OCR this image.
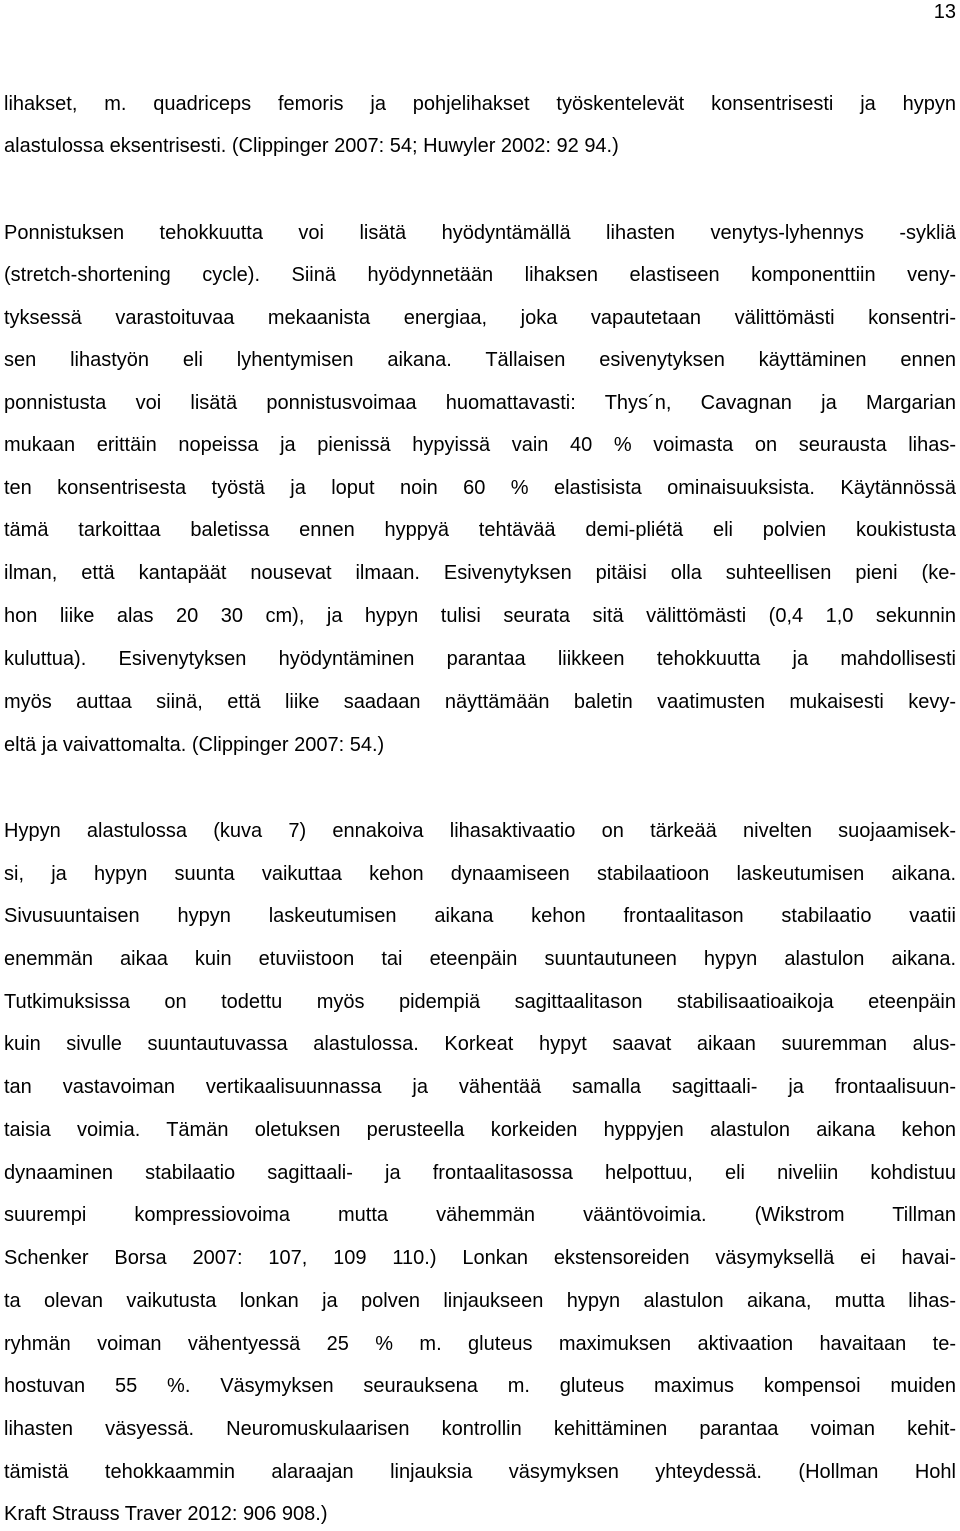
13
lihakset, m. quadriceps femoris ja pohjelihakset työskentelevät konsentrisesti ja hypyn
alastulossa eksentrisesti. (Clippinger 2007: 54; Huwyler 2002: 92 94.)
Ponnistuksen tehokkuutta voi lisätä hyödyntämällä lihasten venytys-lyhennys -sykliä
(stretch-shortening cycle). Siinä hyödynnetään lihaksen elastiseen komponenttiin veny-
tyksessä varastoituvaa mekaanista energiaa, joka vapautetaan välittömästi konsentri-
sen lihastyön eli lyhentymisen aikana. Tällaisen esivenytyksen käyttäminen ennen
ponnistusta voi lisätä ponnistusvoimaa huomattavasti: Thys´n, Cavagnan ja Margarian
mukaan erittäin nopeissa ja pienissä hypyissä vain 40 % voimasta on seurausta lihas-
ten konsentrisesta työstä ja loput noin 60 % elastisista ominaisuuksista. Käytännössä
tämä tarkoittaa baletissa ennen hyppyä tehtävää demi-pliétä eli polvien koukistusta
ilman, että kantapäät nousevat ilmaan. Esivenytyksen pitäisi olla suhteellisen pieni (ke-
hon liike alas 20 30 cm), ja hypyn tulisi seurata sitä välittömästi (0,4 1,0 sekunnin
kuluttua). Esivenytyksen hyödyntäminen parantaa liikkeen tehokkuutta ja mahdollisesti
myös auttaa siinä, että liike saadaan näyttämään baletin vaatimusten mukaisesti kevy-
eltä ja vaivattomalta. (Clippinger 2007: 54.)
Hypyn alastulossa (kuva 7) ennakoiva lihasaktivaatio on tärkeää nivelten suojaamisek-
si, ja hypyn suunta vaikuttaa kehon dynaamiseen stabilaatioon laskeutumisen aikana.
Sivusuuntaisen hypyn laskeutumisen aikana kehon frontaalitason stabilaatio vaatii
enemmän aikaa kuin etuviistoon tai eteenpäin suuntautuneen hypyn alastulon aikana.
Tutkimuksissa on todettu myös pidempiä sagittaalitason stabilisaatioaikoja eteenpäin
kuin sivulle suuntautuvassa alastulossa. Korkeat hypyt saavat aikaan suuremman alus-
tan vastavoiman vertikaalisuunnassa ja vähentää samalla sagittaali- ja frontaalisuun-
taisia voimia. Tämän oletuksen perusteella korkeiden hyppyjen alastulon aikana kehon
dynaaminen stabilaatio sagittaali- ja frontaalitasossa helpottuu, eli niveliin kohdistuu
suurempi kompressiovoima mutta vähemmän vääntövoimia. (Wikstrom Tillman
Schenker Borsa 2007: 107, 109 110.) Lonkan ekstensoreiden väsymyksellä ei havai-
ta olevan vaikutusta lonkan ja polven linjaukseen hypyn alastulon aikana, mutta lihas-
ryhmän voiman vähentyessä 25 % m. gluteus maximuksen aktivaation havaitaan te-
hostuvan 55 %. Väsymyksen seurauksena m. gluteus maximus kompensoi muiden
lihasten väsyessä. Neuromuskulaarisen kontrollin kehittäminen parantaa voiman kehit-
tämistä tehokkaammin alaraajan linjauksia väsymyksen yhteydessä. (Hollman Hohl
Kraft Strauss Traver 2012: 906 908.)
